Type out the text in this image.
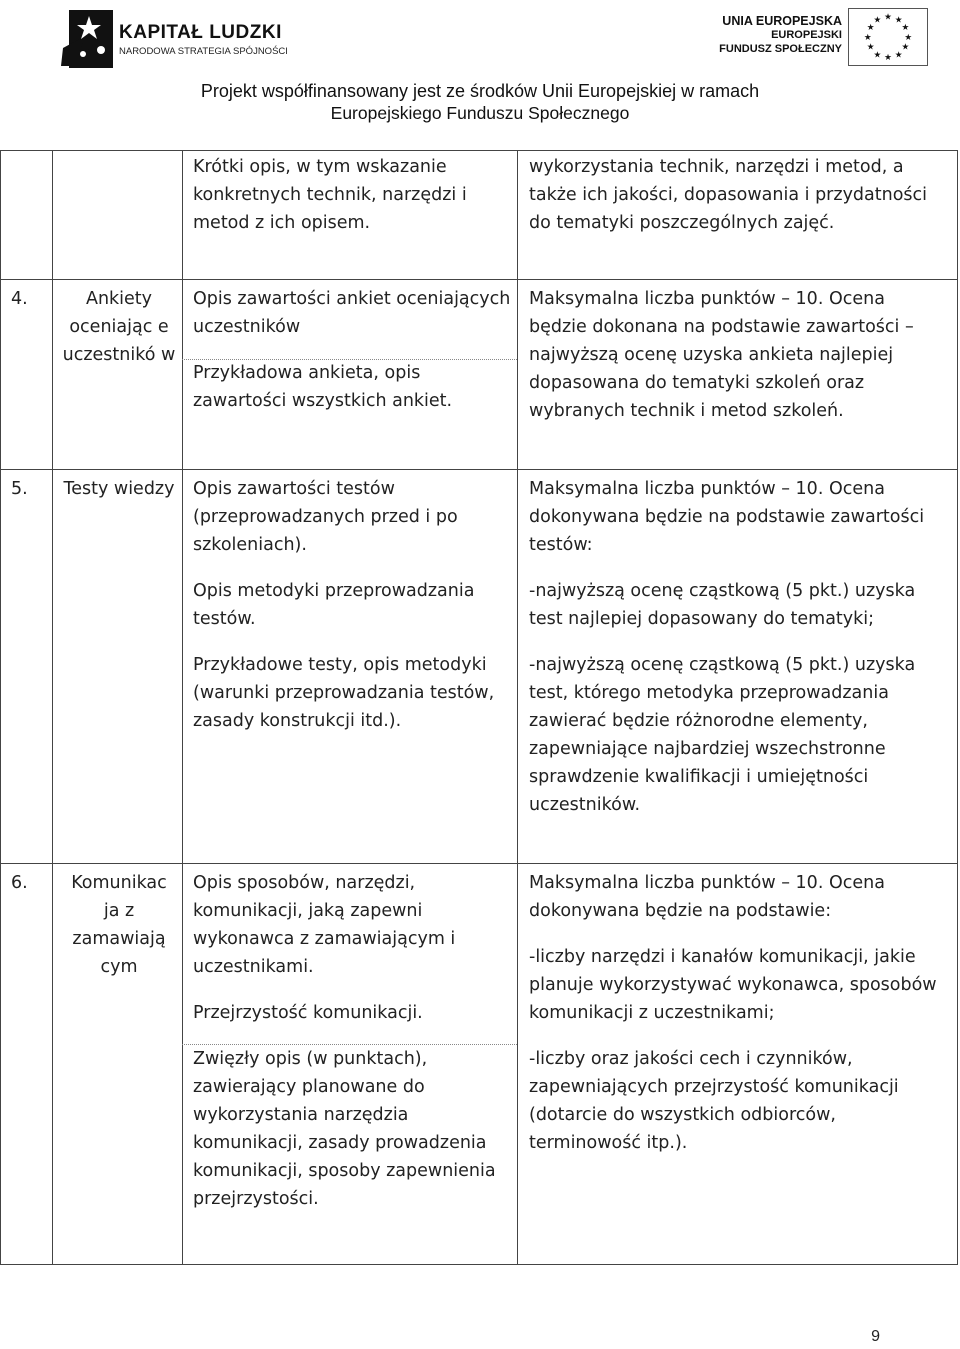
KAPITAŁ LUDZKI
NARODOWA STRATEGIA SPÓJNOŚCI
UNIA EUROPEJSKA
EUROPEJSKI
FUNDUSZ SPOŁECZNY
★ ★
★
★
★
★
★
★
★
★
★
★
Projekt współfinansowany jest ze środków Unii Europejskiej w ramach
Europejskiego Funduszu Społecznego

Krótki opis, w tym wskazanie konkretnych technik, narzędzi i metod z ich opisem.

wykorzystania technik, narzędzi i metod, a także ich jakości, dopasowania i przydatności do tematyki poszczególnych zajęć.

4.	Ankiety oceniając e uczestnikó w

Opis zawartości ankiet oceniających uczestników

Przykładowa ankieta, opis zawartości wszystkich ankiet.

Maksymalna liczba punktów – 10. Ocena będzie dokonana na podstawie zawartości – najwyższą ocenę uzyska ankieta najlepiej dopasowana do tematyki szkoleń oraz wybranych technik i metod szkoleń.

5. Testy wiedzy Opis zawartości testów (przeprowadzanych przed i po szkoleniach).

Opis metodyki przeprowadzania testów.

Przykładowe testy, opis metodyki (warunki przeprowadzania testów, zasady konstrukcji itd.).

Maksymalna liczba punktów – 10. Ocena dokonywana będzie na podstawie zawartości testów:

-najwyższą ocenę cząstkową (5 pkt.) uzyska test najlepiej dopasowany do tematyki;

-najwyższą ocenę cząstkową (5 pkt.) uzyska test, którego metodyka przeprowadzania zawierać będzie różnorodne elementy, zapewniające najbardziej wszechstronne sprawdzenie kwalifikacji i umiejętności uczestników.

6.	Komunikac ja z zamawiają cym

Opis sposobów, narzędzi, komunikacji, jaką zapewni wykonawca z zamawiającym i uczestnikami.

Przejrzystość komunikacji.

Zwięzły opis (w punktach), zawierający planowane do wykorzystania narzędzia komunikacji, zasady prowadzenia komunikacji, sposoby zapewnienia przejrzystości.

Maksymalna liczba punktów – 10. Ocena dokonywana będzie na podstawie:

-liczby narzędzi i kanałów komunikacji, jakie planuje wykorzystywać wykonawca, sposobów komunikacji z uczestnikami;

-liczby oraz jakości cech i czynników, zapewniających przejrzystość komunikacji (dotarcie do wszystkich odbiorców, terminowość itp.).

9
